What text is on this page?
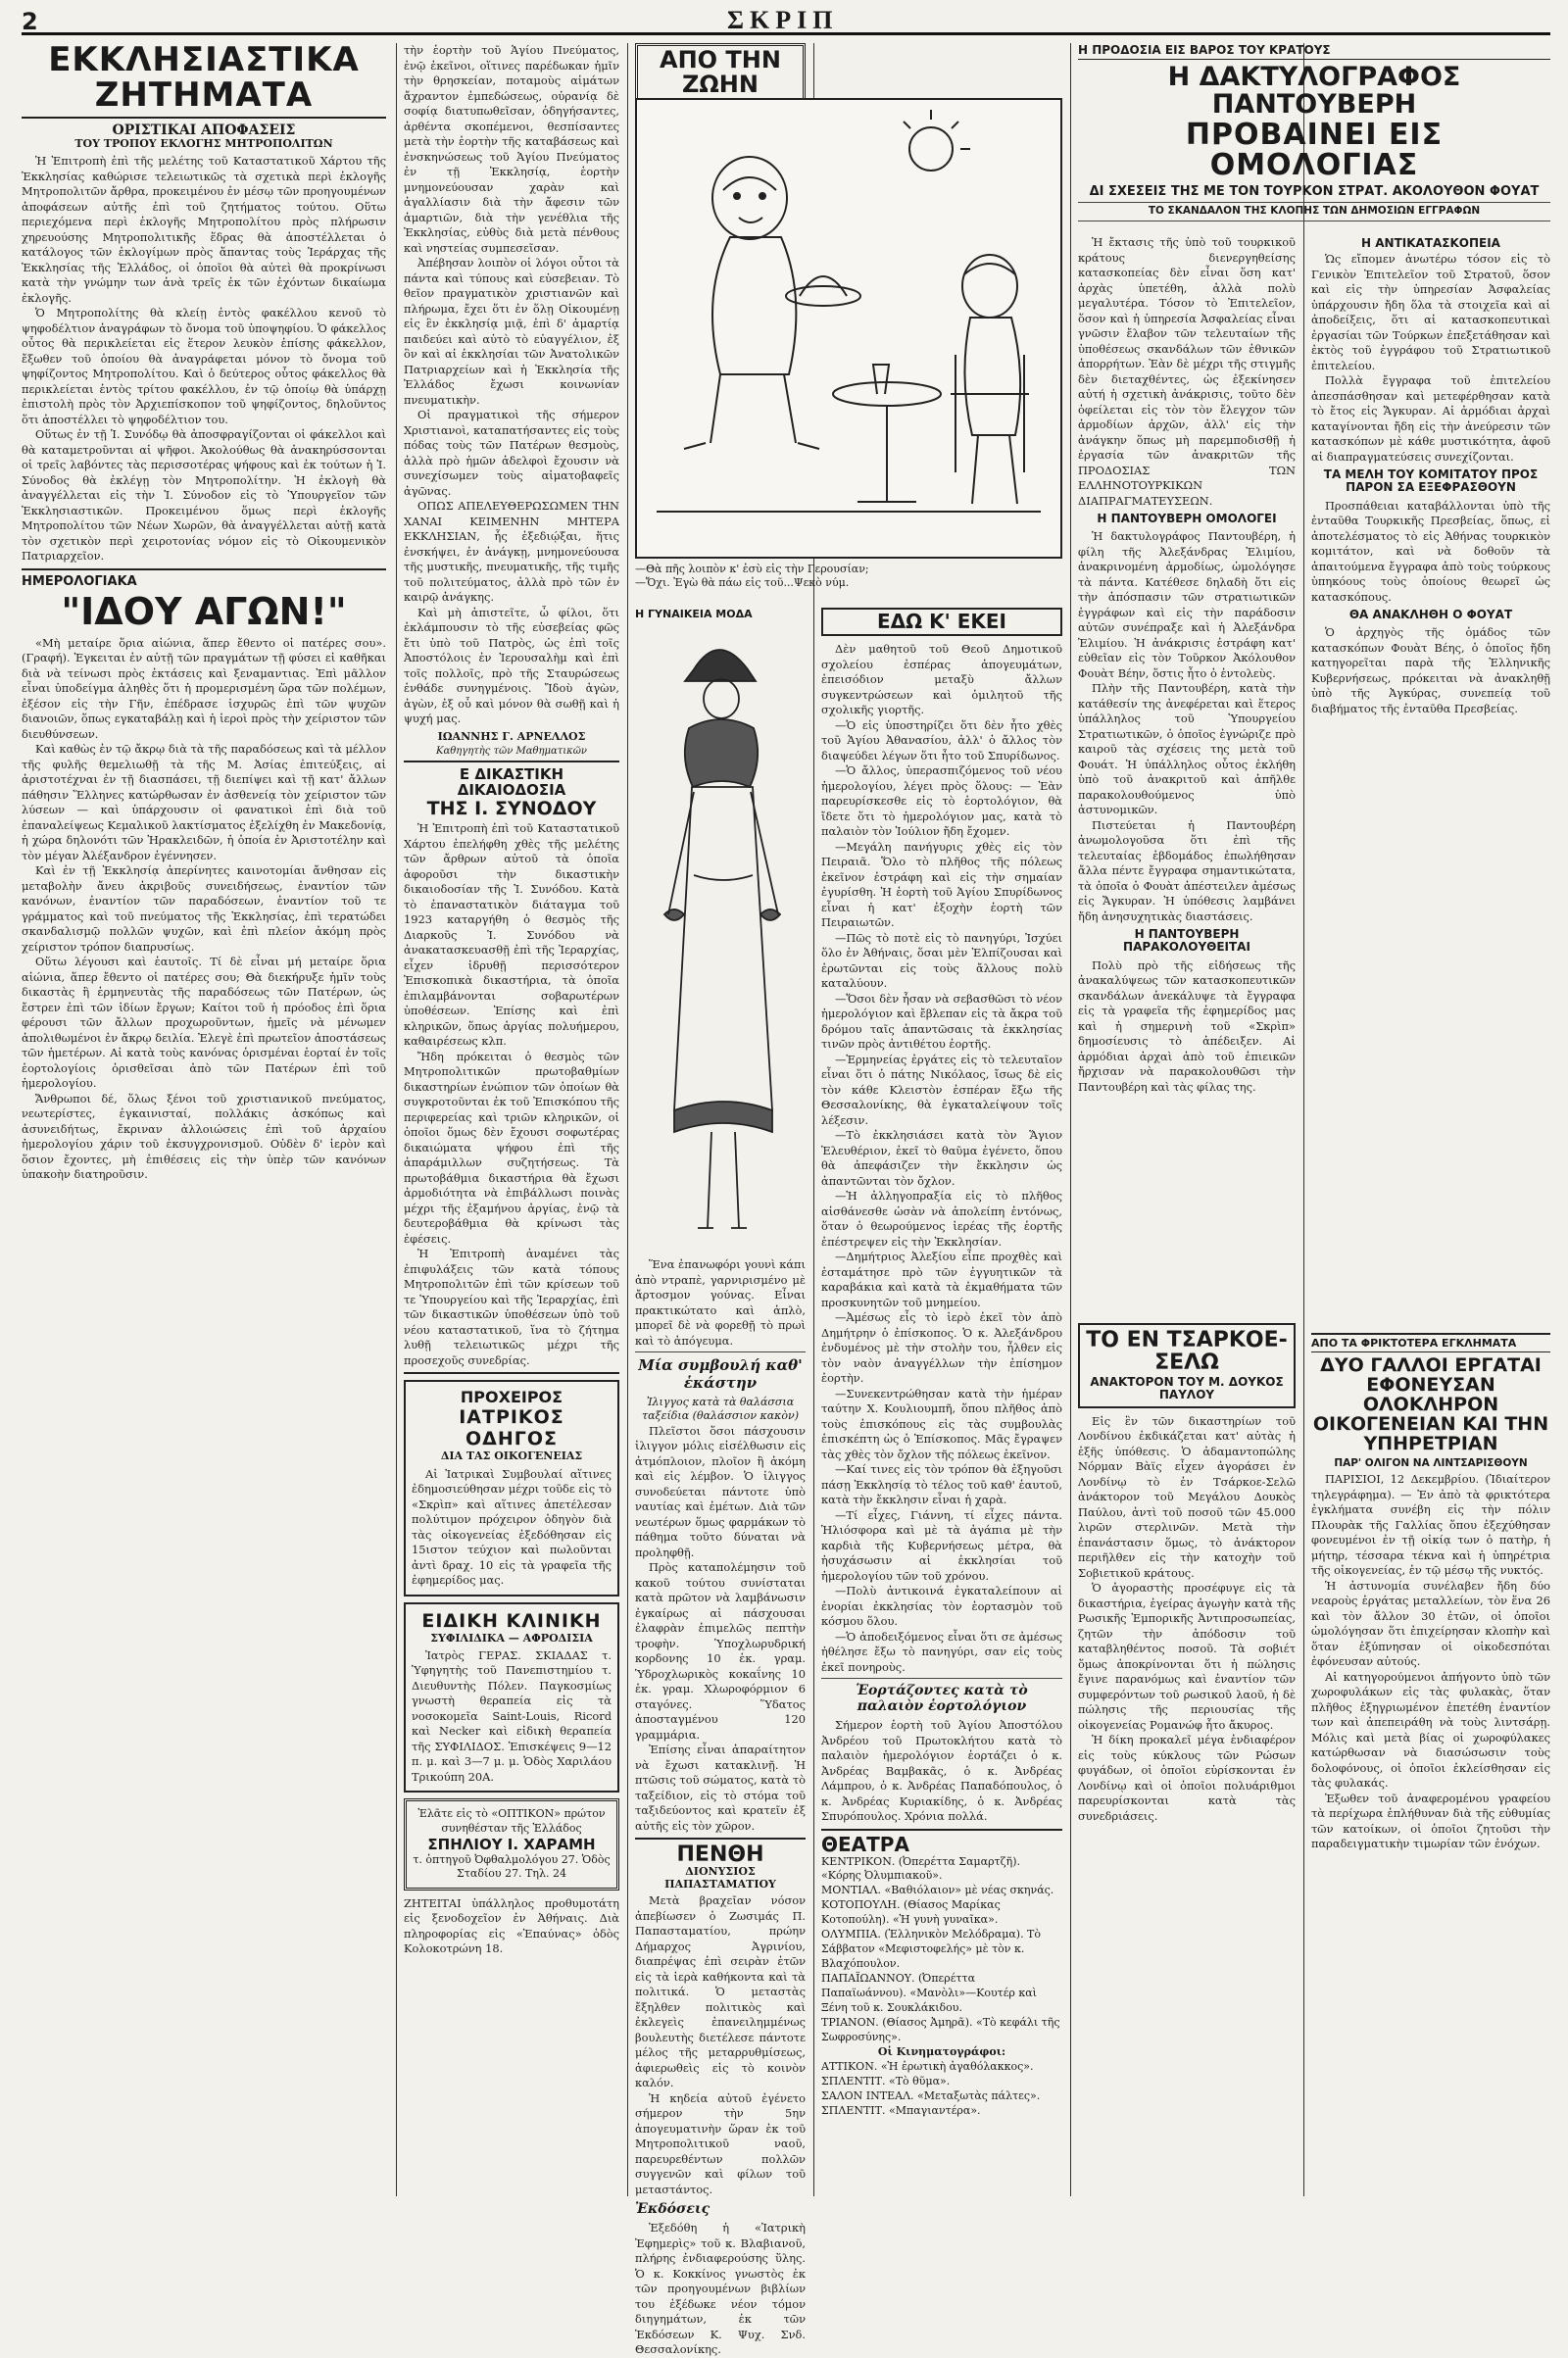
2	ΣΚΡΙΠ
ΕΚΚΛΗΣΙΑΣΤΙΚΑ ΖΗΤΗΜΑΤΑ
ΟΡΙΣΤΙΚΑΙ ΑΠΟΦΑΣΕΙΣ
ΤΟΥ ΤΡΟΠΟΥ ΕΚΛΟΓΗΣ ΜΗΤΡΟΠΟΛΙΤΩΝ

Ἡ Ἐπιτροπὴ ἐπὶ τῆς μελέτης τοῦ Καταστατικοῦ Χάρτου τῆς Ἐκκλησίας καθώρισε τελειωτικῶς τὰ σχετικὰ περὶ ἐκλογῆς Μητροπολιτῶν ἄρθρα, προκειμένου ἐν μέσῳ τῶν προηγουμένων ἀποφάσεων αὐτῆς ἐπὶ τοῦ ζητήματος τούτου. Οὕτω περιεχόμενα περὶ ἐκλογῆς Μητροπολίτου πρὸς πλήρωσιν χηρευούσης Μητροπολιτικῆς ἕδρας θὰ ἀποστέλλεται ὁ κατάλογος τῶν ἐκλογίμων πρὸς ἅπαντας τοὺς Ἱεράρχας τῆς Ἐκκλησίας τῆς Ἑλλάδος, οἱ ὁποῖοι θὰ αὐτεὶ θὰ προκρίνωσι κατὰ τὴν γνώμην των ἀνὰ τρεῖς ἐκ τῶν ἐχόντων δικαίωμα ἐκλογῆς.

Ὁ Μητροπολίτης θὰ κλείῃ ἐντὸς φακέλλου κενοῦ τὸ ψηφοδέλτιον ἀναγράφων τὸ ὄνομα τοῦ ὑποψηφίου. Ὁ φάκελλος οὗτος θὰ περικλείεται εἰς ἕτερον λευκὸν ἐπίσης φάκελλον, ἔξωθεν τοῦ ὁποίου θὰ ἀναγράφεται μόνον τὸ ὄνομα τοῦ ψηφίζοντος Μητροπολίτου. Καὶ ὁ δεύτερος οὗτος φάκελλος θὰ περικλείεται ἐντὸς τρίτου φακέλλου, ἐν τῷ ὁποίῳ θὰ ὑπάρχῃ ἐπιστολὴ πρὸς τὸν Ἀρχιεπίσκοπον τοῦ ψηφίζοντος, δηλοῦντος ὅτι ἀποστέλλει τὸ ψηφοδέλτιον του.

Οὕτως ἐν τῇ Ἱ. Συνόδῳ θὰ ἀποσφραγίζονται οἱ φάκελλοι καὶ θὰ καταμετροῦνται αἱ ψῆφοι. Ἀκολούθως θὰ ἀνακηρύσσονται οἱ τρεῖς λαβόντες τὰς περισσοτέρας ψήφους καὶ ἐκ τούτων ἡ Ἱ. Σύνοδος θὰ ἐκλέγῃ τὸν Μητροπολίτην. Ἡ ἐκλογὴ θὰ ἀναγγέλλεται εἰς τὴν Ἱ. Σύνοδον εἰς τὸ Ὑπουργεῖον τῶν Ἐκκλησιαστικῶν. Προκειμένου ὅμως περὶ ἐκλογῆς Μητροπολίτου τῶν Νέων Χωρῶν, θὰ ἀναγγέλλεται αὐτῇ κατὰ τὸν σχετικὸν περὶ χειροτονίας νόμον εἰς τὸ Οἰκουμενικὸν Πατριαρχεῖον.

ΗΜΕΡΟΛΟΓΙΑΚΑ
"ΙΔΟΥ ΑΓΩΝ!"

«Μὴ μεταίρε ὅρια αἰώνια, ἅπερ ἔθεντο οἱ πατέρες σου». (Γραφή). Ἐγκειται ἐν αὐτῇ τῶν πραγμάτων τῇ φύσει εἰ καθῆκαι διὰ νὰ τείνωσι πρὸς ἐκτάσεις καὶ ξεναμαντιας. Ἐπὶ μᾶλλον εἶναι ὑποδείγμα ἀληθὲς ὅτι ἡ προμερισμένη ὥρα τῶν πολέμων, ἐξέσον εἰς τὴν Γῆν, ἐπέδρασε ἰσχυρῶς ἐπὶ τῶν ψυχῶν διανοιῶν, ὅπως εγκαταβάλῃ καὶ ἡ ἱεροὶ πρὸς τὴν χείριστον τῶν διευθύνσεων.

Καὶ καθὼς ἐν τῷ ἄκρῳ διὰ τὰ τῆς παραδόσεως καὶ τὰ μέλλον τῆς φυλῆς θεμελιωθῇ τὰ τῆς Μ. Ἀσίας ἐπιτεύξεις, αἱ ἀριστοτέχναι ἐν τῇ διασπάσει, τῇ διεπίψει καὶ τῇ κατ' ἄλλων πάθησιν Ἕλληνες κατώρθωσαν ἐν ἀσθενείᾳ τὸν χείριστον τῶν λύσεων — καὶ ὑπάρχουσιν οἱ φανατικοὶ ἐπὶ διὰ τοῦ ἐπαναλείψεως Κεμαλικοῦ λακτίσματος ἐξελίχθη ἐν Μακεδονίᾳ, ἡ χώρα δηλονότι τῶν Ἡρακλειδῶν, ἡ ὁποία ἐν Ἀριστοτέλην καὶ τὸν μέγαν Ἀλέξανδρον ἐγέννησεν.

Καὶ ἐν τῇ Ἐκκλησίᾳ ἀπερίνητες καινοτομίαι ἄνθησαν εἰς μεταβολὴν ἄνευ ἀκριβοῦς συνειδήσεως, ἐναντίον τῶν κανόνων, ἐναντίον τῶν παραδόσεων, ἐναντίον τοῦ τε γράμματος καὶ τοῦ πνεύματος τῆς Ἐκκλησίας, ἐπὶ τερατώδει σκανδαλισμῷ πολλῶν ψυχῶν, καὶ ἐπὶ πλείον ἀκόμη πρὸς χείριστον τρόπον διαπρυσίως.

Οὕτω λέγουσι καὶ ἑαυτοῖς. Τί δὲ εἶναι μή μεταίρε ὅρια αἰώνια, ἅπερ ἔθεντο οἱ πατέρες σου; Θὰ διεκήρυξε ἡμῖν τοὺς δικαστὰς ἢ ἑρμηνευτὰς τῆς παραδόσεως τῶν Πατέρων, ὡς ἔστρεν ἐπὶ τῶν ἰδίων ἔργων; Καίτοι τοῦ ἡ πρόοδος ἐπὶ ὅρια φέρουσι τῶν ἄλλων προχωροῦντων, ἡμεῖς νὰ μένωμεν ἀπολιθωμένοι ἐν ἄκρῳ δειλία. Ἐλεγὲ ἐπὶ πρωτεῖον ἀποστάσεως τῶν ἡμετέρων. Αἱ κατὰ τοὺς κανόνας ὁρισμέναι ἑορταί ἐν τοῖς ἑορτολογίοις ὁρισθεῖσαι ἀπὸ τῶν Πατέρων ἐπὶ τοῦ ἡμερολογίου.

Ἄνθρωποι δέ, ὅλως ξένοι τοῦ χριστιανικοῦ πνεύματος, νεωτερίστες, ἐγκαινισταί, πολλάκις ἀσκόπως καὶ ἀσυνειδήτως, ἔκριναν ἀλλοιώσεις ἐπὶ τοῦ ἀρχαίου ἡμερολογίου χάριν τοῦ ἐκσυγχρονισμοῦ. Οὐδὲν δ' ἱερὸν καὶ ὅσιον ἔχοντες, μὴ ἐπιθέσεις εἰς τὴν ὑπὲρ τῶν κανόνων ὑπακοὴν διατηροῦσιν.

τὴν ἑορτὴν τοῦ Ἁγίου Πνεύματος, ἐνῷ ἐκεῖνοι, οἵτινες παρέδωκαν ἡμῖν τὴν θρησκείαν, ποταμοὺς αἱμάτων ἄχραντον ἐμπεδώσεως, οὐρανίᾳ δὲ σοφίᾳ διατυπωθεῖσαν, ὁδηγήσαντες, ἀρθέντα σκοπέμενοι, θεσπίσαντες μετὰ τὴν ἑορτὴν τῆς καταβάσεως καὶ ἐνσκηνώσεως τοῦ Ἁγίου Πνεύματος ἐν τῇ Ἐκκλησίᾳ, ἑορτὴν μνημονεύουσαν χαρὰν καὶ ἀγαλλίασιν διὰ τὴν ἄφεσιν τῶν ἁμαρτιῶν, διὰ τὴν γενέθλια τῆς Ἐκκλησίας, εὐθὺς διὰ μετὰ πένθους καὶ νηστείας συμπεσεῖσαν.

Ἀπέβησαν λοιπὸν οἱ λόγοι οὗτοι τὰ πάντα καὶ τύπους καὶ εὐσεβειαν. Τὸ θεῖον πραγματικὸν χριστιανῶν καὶ πλήρωμα, ἔχει ὅτι ἐν ὅλῃ Οἰκουμένῃ εἰς ἓν ἐκκλησίᾳ μιᾷ, ἐπὶ δ' ἁμαρτίᾳ παιδεύει καὶ αὐτὸ τὸ εὐαγγέλιον, ἐξ ὃν καὶ αἱ ἐκκλησίαι τῶν Ἀνατολικῶν Πατριαρχείων καὶ ἡ Ἐκκλησία τῆς Ἑλλάδος ἔχωσι κοινωνίαν πνευματικὴν.

Οἱ πραγματικοὶ τῆς σήμερον Χριστιανοὶ, καταπατήσαντες εἰς τοὺς πόδας τοὺς τῶν Πατέρων θεσμοὺς, ἀλλὰ πρὸ ἡμῶν ἀδελφοὶ ἔχουσιν νὰ συνεχίσωμεν τοὺς αἱματοβαφεῖς ἀγῶνας.

ΟΠΩΣ ΑΠΕΛΕΥΘΕΡΩΣΩΜΕΝ ΤΗΝ ΧΑΝΑΙ ΚΕΙΜΕΝΗΝ ΜΗΤΕΡΑ ΕΚΚΛΗΣΙΑΝ, ἧς ἐξεδιῴξαι, ἥτις ἐνσκήψει, ἐν ἀνάγκῃ, μνημονεύουσα τῆς μυστικῆς, πνευματικῆς, τῆς τιμῆς τοῦ πολιτεύματος, ἀλλὰ πρὸ τῶν ἐν καιρῷ ἀνάγκης.

Καὶ μὴ ἀπιστεῖτε, ὦ φίλοι, ὅτι ἐκλάμπουσιν τὸ τῆς εὐσεβείας φῶς ἔτι ὑπὸ τοῦ Πατρὸς, ὡς ἐπὶ τοῖς Ἀποστόλοις ἐν Ἱερουσαλὴμ καὶ ἐπὶ τοῖς πολλοῖς, πρὸ τῆς Σταυρώσεως ἐνθάδε συνηγμένοις. Ἴδοὺ ἀγὼν, ἀγὼν, ἐξ οὗ καὶ μόνον θὰ σωθῇ καὶ ἡ ψυχή μας.

ΙΩΑΝΝΗΣ Γ. ΑΡΝΕΛΛΟΣ
Καθηγητὴς τῶν Μαθηματικῶν
Ε ΔΙΚΑΣΤΙΚΗ ΔΙΚΑΙΟΔΟΣΙΑ
ΤΗΣ Ι. ΣΥΝΟΔΟΥ

Ἡ Ἐπιτροπὴ ἐπὶ τοῦ Καταστατικοῦ Χάρτου ἐπελήφθη χθὲς τῆς μελέτης τῶν ἄρθρων αὐτοῦ τὰ ὁποῖα ἀφοροῦσι τὴν δικαστικὴν δικαιοδοσίαν τῆς Ἱ. Συνόδου. Κατὰ τὸ ἐπαναστατικὸν διάταγμα τοῦ 1923 καταργήθη ὁ θεσμὸς τῆς Διαρκοῦς Ἱ. Συνόδου νὰ ἀνακατασκευασθῇ ἐπὶ τῆς Ἱεραρχίας, εἶχεν ἰδρυθῇ περισσότερον Ἐπισκοπικὰ δικαστήρια, τὰ ὁποῖα ἐπιλαμβάνονται σοβαρωτέρων ὑποθέσεων. Ἐπίσης καὶ ἐπὶ κληρικῶν, ὅπως ἀργίας πολυήμερου, καθαιρέσεως κλπ.

Ἤδη πρόκειται ὁ θεσμὸς τῶν Μητροπολιτικῶν πρωτοβαθμίων δικαστηρίων ἐνώπιον τῶν ὁποίων θὰ συγκροτοῦνται ἐκ τοῦ Ἐπισκόπου τῆς περιφερείας καὶ τριῶν κληρικῶν, οἱ ὁποῖοι ὅμως δὲν ἔχουσι σοφωτέρας δικαιώματα ψήφου ἐπὶ τῆς ἀπαράμιλλων συζητήσεως. Τὰ πρωτοβάθμια δικαστήρια θὰ ἔχωσι ἀρμοδιότητα νὰ ἐπιβάλλωσι ποινὰς μέχρι τῆς ἐξαμήνου ἀργίας, ἐνῷ τὰ δευτεροβάθμια θὰ κρίνωσι τὰς ἐφέσεις.

Ἡ Ἐπιτροπὴ ἀναμένει τὰς ἐπιφυλάξεις τῶν κατὰ τόπους Μητροπολιτῶν ἐπὶ τῶν κρίσεων τοῦ τε Ὑπουργείου καὶ τῆς Ἱεραρχίας, ἐπὶ τῶν δικαστικῶν ὑποθέσεων ὑπὸ τοῦ νέου καταστατικοῦ, ἵνα τὸ ζήτημα λυθῇ τελειωτικῶς μέχρι τῆς προσεχοῦς συνεδρίας.

ΠΡΟΧΕΙΡΟΣ
ΙΑΤΡΙΚΟΣ ΟΔΗΓΟΣ
ΔΙΑ ΤΑΣ ΟΙΚΟΓΕΝΕΙΑΣ

Αἱ Ἰατρικαὶ Συμβουλαί αἵτινες ἐδημοσιεύθησαν μέχρι τοῦδε εἰς τὸ «Σκρὶπ» καὶ αἵτινες ἀπετέλεσαν πολύτιμον πρόχειρον ὁδηγὸν διὰ τὰς οἰκογενείας ἐξεδόθησαν εἰς 15ιστον τεύχιον καὶ πωλοῦνται ἀντὶ δραχ. 10 εἰς τὰ γραφεῖα τῆς ἐφημερίδος μας.

ΕΙΔΙΚΗ ΚΛΙΝΙΚΗ
ΣΥΦΙΛΙΔΙΚΑ — ΑΦΡΟΔΙΣΙΑ

Ἰατρὸς ΓΕΡΑΣ. ΣΚΙΑΔΑΣ τ. Ὑφηγητὴς τοῦ Πανεπιστημίου τ. Διευθυντὴς Πόλεν. Παγκοσμίως γνωστὴ θεραπεία εἰς τὰ νοσοκομεῖα Saint-Louis, Ricord καὶ Necker καὶ εἰδικὴ θεραπεία τῆς ΣΥΦΙΛΙΔΟΣ. Ἐπισκέψεις 9—12 π. μ. καὶ 3—7 μ. μ. Ὁδὸς Χαριλάου Τρικούπη 20Α.

Ἐλᾶτε εἰς τὸ «ΟΠΤΙΚΟΝ» πρώτον συνηθέσταν τῆς Ἑλλάδος
ΣΠΗΛΙΟΥ Ι. ΧΑΡΑΜΗ
τ. ὀπτηγοῦ Ὀφθαλμολόγου 27. Ὁδὸς Σταδίου 27. Τηλ. 24

ΖΗΤΕΙΤΑΙ ὑπάλληλος προθυμοτάτη εἰς ξενοδοχεῖον ἐν Ἀθήναις. Διὰ πληροφορίας εἰς «Ἐπαύνας» ὁδὸς Κολοκοτρώνη 18.

ΑΠΟ ΤΗΝ ΖΩΗΝ
—Θὰ πῆς λοιπὸν κ' ἐσὺ εἰς τὴν Γερουσίαν;
—Ὄχι. Ἐγὼ θὰ πάω εἰς τοῦ...Ψεκὸ νύμ.
Η ΓΥΝΑΙΚΕΙΑ ΜΟΔΑ

Ἕνα ἐπανωφόρι γουνὶ κάπι ἀπὸ ντραπὲ, γαρνιρισμένο μὲ ἄρτοσμον γούνας. Εἶναι πρακτικώτατο καὶ ἁπλὸ, μπορεῖ δὲ νὰ φορεθῇ τὸ πρωὶ καὶ τὸ ἀπόγευμα.

Μία συμβουλή καθ' ἑκάστην
Ἰλιγγος κατὰ τὰ θαλάσσια ταξείδια (θαλάσσιον κακὸν)

Πλεῖστοι ὅσοι πάσχουσιν ἰλιγγον μόλις εἰσέλθωσιν εἰς ἀτμόπλοιον, πλοῖον ἢ ἀκόμη καὶ εἰς λέμβον. Ὁ ἰλιγγος συνοδεύεται πάντοτε ὑπὸ ναυτίας καὶ ἐμέτων. Διὰ τῶν νεωτέρων ὅμως φαρμάκων τὸ πάθημα τοῦτο δύναται νὰ προληφθῇ.

Πρὸς καταπολέμησιν τοῦ κακοῦ τούτου συνίσταται κατὰ πρῶτον νὰ λαμβάνωσιν ἐγκαίρως αἱ πάσχουσαι ἐλαφρὰν ἐπιμελῶς πεπτὴν τροφὴν. Ὑποχλωρυδρική κορδονης 10 ἑκ. γραμ. Ὑδροχλωρικὸς κοκαΐνης 10 ἑκ. γραμ. Χλωροφόρμιον 6 σταγόνες. Ὕδατος ἀποσταγμένου 120 γραμμάρια.

Ἐπίσης εἶναι ἀπαραίτητον νὰ ἔχωσι κατακλινῇ. Ἡ πτῶσις τοῦ σώματος, κατὰ τὸ ταξείδιον, εἰς τὸ στόμα τοῦ ταξιδεύοντος καὶ κρατεῖν ἐξ αὐτῆς εἰς τὸν χῶρον.

ΠΕΝΘΗ
ΔΙΟΝΥΣΙΟΣ ΠΑΠΑΣΤΑΜΑΤΙΟΥ

Μετὰ βραχεῖαν νόσον ἀπεβίωσεν ὁ Ζωσιμάς Π. Παπασταματίου, πρώην Δήμαρχος Ἀγρινίου, διαπρέψας ἐπὶ σειρὰν ἐτῶν εἰς τὰ ἱερὰ καθήκοντα καὶ τὰ πολιτικά. Ὁ μεταστὰς ἔξηλθεν πολιτικὸς καὶ ἐκλεγεὶς ἐπανειλημμένως βουλευτὴς διετέλεσε πάντοτε μέλος τῆς μεταρρυθμίσεως, ἀφιερωθεὶς εἰς τὸ κοινὸν καλόν.

Ἡ κηδεία αὐτοῦ ἐγένετο σήμερον τὴν 5ην ἀπογευματινὴν ὥραν ἐκ τοῦ Μητροπολιτικοῦ ναοῦ, παρευρεθέντων πολλῶν συγγενῶν καὶ φίλων τοῦ μεταστάντος.

Ἐκδόσεις

Ἐξεδόθη ἡ «Ἰατρικὴ Ἐφημερὶς» τοῦ κ. Βλαβιανοῦ, πλήρης ἐνδιαφερούσης ὕλης. Ὁ κ. Κοκκίνος γνωστὸς ἐκ τῶν προηγουμένων βιβλίων του ἐξέδωκε νέον τόμον διηγημάτων, ἐκ τῶν Ἐκδόσεων Κ. Ψυχ. Σνδ. Θεσσαλονίκης.

ΕΔΩ Κ' ΕΚΕΙ

Δὲν μαθητοῦ τοῦ Θεοῦ Δημοτικοῦ σχολείου ἐσπέρας ἀπογευμάτων, ἐπεισόδιον μεταξὺ ἄλλων συγκεντρώσεων καὶ ὁμιλητοῦ τῆς σχολικῆς γιορτῆς.

—Ὁ εἰς ὑποστηρίζει ὅτι δὲν ἦτο χθὲς τοῦ Ἁγίου Ἀθανασίου, ἀλλ' ὁ ἄλλος τὸν διαψεύδει λέγων ὅτι ἦτο τοῦ Σπυρίδωνος.

—Ὁ ἄλλος, ὑπερασπιζόμενος τοῦ νέου ἡμερολογίου, λέγει πρὸς ὅλους: — Ἐὰν παρευρίσκεσθε εἰς τὸ ἑορτολόγιον, θὰ ἴδετε ὅτι τὸ ἡμερολόγιον μας, κατὰ τὸ παλαιὸν τὸν Ἰούλιον ἤδη ἔχομεν.

—Μεγάλη πανήγυρις χθὲς εἰς τὸν Πειραιᾶ. Ὅλο τὸ πλῆθος τῆς πόλεως ἐκεῖνον ἐστράφη καὶ εἰς τὴν σημαίαν ἐγυρίσθη. Ἡ ἑορτὴ τοῦ Ἁγίου Σπυρίδωνος εἶναι ἡ κατ' ἐξοχὴν ἑορτὴ τῶν Πειραιωτῶν.

—Πῶς τὸ ποτὲ εἰς τὸ πανηγύρι, Ἰσχύει ὅλο ἐν Ἀθήναις, ὅσαι μὲν Ἐλπίζουσαι καὶ ἐρωτῶνται εἰς τοὺς ἄλλους πολὺ καταλύουν.

—Ὅσοι δὲν ἦσαν νὰ σεβασθῶσι τὸ νέον ἡμερολόγιον καὶ ἔβλεπαν εἰς τὰ ἄκρα τοῦ δρόμου ταῖς ἀπαντῶσαις τὰ ἐκκλησίας τινῶν πρὸς ἀντιθέτου ἐορτῆς.

—Ἑρμηνείας ἐργάτες εἰς τὸ τελευταῖον εἶναι ὅτι ὁ πάτης Νικόλαος, ἴσως δὲ εἰς τὸν κάθε Κλειστὸν ἐσπέραν ἔξω τῆς Θεσσαλονίκης, θὰ ἐγκαταλείψουν τοῖς λέξεσιν.

—Τὸ ἐκκλησιάσει κατὰ τὸν Ἅγιον Ἐλευθέριον, ἐκεῖ τὸ θαῦμα ἐγένετο, ὅπου θὰ ἀπεφάσιζεν τὴν ἔκκλησιν ὡς ἀπαντῶνται τὸν ὄχλον.

—Ἡ ἀλληγοπραξία εἰς τὸ πλῆθος αἰσθάνεσθε ὡσὰν νὰ ἀπολείπη ἐντόνως, ὅταν ὁ θεωρούμενος ἱερέας τῆς ἑορτῆς ἐπέστρεψεν εἰς τὴν Ἐκκλησίαν.

—Δημήτριος Ἀλεξίου εἶπε προχθὲς καὶ ἐσταμάτησε πρὸ τῶν ἐγγυητικῶν τὰ καραβάκια καὶ κατὰ τὰ ἐκμαθήματα τῶν προσκυνητῶν τοῦ μνημείου.

—Ἀμέσως εἶς τὸ ἱερὸ ἐκεῖ τὸν ἀπὸ Δημήτρην ὁ ἐπίσκοπος. Ὁ κ. Ἀλεξάνδρου ἐνδυμένος μὲ τὴν στολὴν του, ἦλθεν εἰς τὸν ναὸν ἀναγγέλλων τὴν ἐπίσημον ἑορτὴν.

—Συνεκεντρώθησαν κατὰ τὴν ἡμέραν ταύτην Χ. Κουλιουμπῆ, ὅπου πλῆθος ἀπὸ τοὺς ἐπισκόπους εἰς τὰς συμβουλὰς ἐπισκέπτη ὡς ὁ Ἐπίσκοπος. Μᾶς ἔγραψεν τὰς χθὲς τὸν ὄχλον τῆς πόλεως ἐκεῖνον.

—Καί τινες εἰς τὸν τρόπον θὰ ἐξηγοῦσι πάσῃ Ἐκκλησίᾳ τὸ τέλος τοῦ καθ' ἑαυτοῦ, κατὰ τὴν ἔκκλησιν εἶναι ἡ χαρὰ.

—Τί εἶχες, Γιάννη, τί εἶχες πάντα. Ἡλιόσφορα καὶ μὲ τὰ ἀγάπια μὲ τὴν καρδιὰ τῆς Κυβερνήσεως μέτρα, θὰ ἡσυχάσωσιν αἱ ἐκκλησίαι τοῦ ἡμερολογίου τῶν τοῦ χρόνου.

—Πολὺ ἀντικοινά ἐγκαταλείπουν αἱ ἐνορίαι ἐκκλησίας τὸν ἑορτασμὸν τοῦ κόσμου ὅλου.

—Ὁ ἀποδειξόμενος εἶναι ὅτι σε ἀμέσως ἠθέλησε ἔξω τὸ πανηγύρι, σαν εἰς τοὺς ἐκεῖ πονηροὺς.

Ἑορτάζοντες κατὰ τὸ παλαιὸν ἑορτολόγιον

Σήμερον ἑορτὴ τοῦ Ἁγίου Ἀποστόλου Ἀνδρέου τοῦ Πρωτοκλήτου κατὰ τὸ παλαιὸν ἡμερολόγιον ἑορτάζει ὁ κ. Ἀνδρέας Βαμβακᾶς, ὁ κ. Ἀνδρέας Λάμπρου, ὁ κ. Ἀνδρέας Παπαδόπουλος, ὁ κ. Ἀνδρέας Κυριακίδης, ὁ κ. Ἀνδρέας Σπυρόπουλος. Χρόνια πολλά.

ΘΕΑΤΡΑ
ΚΕΝΤΡΙΚΟΝ. (Ὀπερέττα Σαμαρτζῆ). «Κόρης Ὀλυμπιακοῦ».
ΜΟΝΤΙΑΛ. «Βαθιόλαιον» μὲ νέας σκηνάς.
ΚΟΤΟΠΟΥΛΗ. (Θίασος Μαρίκας Κοτοπούλη). «Ἡ γυνὴ γυναῖκα».
ΟΛΥΜΠΙΑ. (Ἑλληνικὸν Μελόδραμα). Τὸ Σάββατον «Μεφιστοφελής» μὲ τὸν κ. Βλαχόπουλον.
ΠΑΠΑΪΩΑΝΝΟΥ. (Ὀπερέττα Παπαϊωάννου). «Μανὸλι»—Κουτέρ καὶ Ξένη τοῦ κ. Σουκλάκιδου.
ΤΡΙΑΝΟΝ. (Θίασος Ἀμηρᾶ). «Τὸ κεφάλι τῆς Σωφροσύνης».
Οἱ Κινηματογράφοι:
ΑΤΤΙΚΟΝ. «Ἡ ἐρωτικὴ ἀγαθόλακκος».
ΣΠΛΕΝΤΙΤ. «Τὸ θῦμα».
ΣΑΛΟΝ ΙΝΤΕΑΛ. «Μεταξωτὰς πάλτες».
ΣΠΛΕΝΤΙΤ. «Μπαγιαντέρα».
Η ΠΡΟΔΟΣΙΑ ΕΙΣ ΒΑΡΟΣ ΤΟΥ ΚΡΑΤΟΥΣ
Η ΔΑΚΤΥΛΟΓΡΑΦΟΣ ΠΑΝΤΟΥΒΕΡΗ
ΠΡΟΒΑΙΝΕΙ ΕΙΣ ΟΜΟΛΟΓΙΑΣ
ΔΙ ΣΧΕΣΕΙΣ ΤΗΣ ΜΕ ΤΟΝ ΤΟΥΡΚΟΝ ΣΤΡΑΤ. ΑΚΟΛΟΥΘΟΝ ΦΟΥΑΤ
ΤΟ ΣΚΑΝΔΑΛΟΝ ΤΗΣ ΚΛΟΠΗΣ ΤΩΝ ΔΗΜΟΣΙΩΝ ΕΓΓΡΑΦΩΝ

Ἡ ἔκτασις τῆς ὑπὸ τοῦ τουρκικοῦ κράτους διενεργηθείσης κατασκοπείας δὲν εἶναι ὅση κατ' ἀρχὰς ὑπετέθη, ἀλλὰ πολὺ μεγαλυτέρα. Τόσον τὸ Ἐπιτελεῖον, ὅσον καὶ ἡ ὑπηρεσία Ἀσφαλείας εἶναι γνῶσιν ἔλαβον τῶν τελευταίων τῆς ὑποθέσεως σκανδάλων τῶν ἐθνικῶν ἀπορρήτων. Ἐὰν δὲ μέχρι τῆς στιγμῆς δὲν διεταχθέντες, ὡς ἐξεκίνησεν αὐτή ἡ σχετικὴ ἀνάκρισις, τοῦτο δὲν ὀφείλεται εἰς τὸν τὸν ἔλεγχον τῶν ἀρμοδίων ἀρχῶν, ἀλλ' εἰς τὴν ἀνάγκην ὅπως μὴ παρεμποδισθῇ ἡ ἐργασία τῶν ἀνακριτῶν τῆς ΠΡΟΔΟΣΙΑΣ ΤΩΝ ΕΛΛΗΝΟΤΟΥΡΚΙΚΩΝ ΔΙΑΠΡΑΓΜΑΤΕΥΣΕΩΝ.

Η ΠΑΝΤΟΥΒΕΡΗ ΟΜΟΛΟΓΕΙ

Ἡ δακτυλογράφος Παντουβέρη, ἡ φίλη τῆς Ἀλεξάνδρας Ἐλιμίου, ἀνακρινομένη ἀρμοδίως, ὡμολόγησε τὰ πάντα. Κατέθεσε δηλαδὴ ὅτι εἰς τὴν ἀπόσπασιν τῶν στρατιωτικῶν ἐγγράφων καὶ εἰς τὴν παράδοσιν αὐτῶν συνέπραξε καὶ ἡ Ἀλεξάνδρα Ἐλιμίου. Ἡ ἀνάκρισις ἐστράφη κατ' εὐθεῖαν εἰς τὸν Τοῦρκον Ἀκόλουθον Φουὰτ Βέην, ὅστις ἦτο ὁ ἐντολεὺς.

Πλὴν τῆς Παντουβέρη, κατὰ τὴν κατάθεσίν της ἀνεφέρεται καὶ ἕτερος ὑπάλληλος τοῦ Ὑπουργείου Στρατιωτικῶν, ὁ ὁποῖος ἐγνώριζε πρὸ καιροῦ τὰς σχέσεις της μετὰ τοῦ Φουάτ. Ἡ ὑπάλληλος οὗτος ἐκλήθη ὑπὸ τοῦ ἀνακριτοῦ καὶ ἀπῆλθε παρακολουθούμενος ὑπὸ ἀστυνομικῶν.

Πιστεύεται ἡ Παντουβέρη ἀνωμολογοῦσα ὅτι ἐπὶ τῆς τελευταίας ἑβδομάδος ἐπωλήθησαν ἄλλα πέντε ἔγγραφα σημαντικώτατα, τὰ ὁποῖα ὁ Φουὰτ ἀπέστειλεν ἀμέσως εἰς Ἄγκυραν. Ἡ ὑπόθεσις λαμβάνει ἤδη ἀνησυχητικὰς διαστάσεις.

Η ΠΑΝΤΟΥΒΕΡΗ ΠΑΡΑΚΟΛΟΥΘΕΙΤΑΙ

Πολὺ πρὸ τῆς εἰδήσεως τῆς ἀνακαλύψεως τῶν κατασκοπευτικῶν σκανδάλων ἀνεκάλυψε τὰ ἔγγραφα εἰς τὰ γραφεῖα τῆς ἐφημερίδος μας καὶ ἡ σημερινὴ τοῦ «Σκρὶπ» δημοσίευσις τὸ ἀπέδειξεν. Αἱ ἀρμόδιαι ἀρχαὶ ἀπὸ τοῦ ἐπιεικῶν ἤρχισαν νὰ παρακολουθῶσι τὴν Παντουβέρη καὶ τὰς φίλας της.

ΤΟ ΕΝ ΤΣΑΡΚΟΕ-ΣΕΛΩ
ΑΝΑΚΤΟΡΟΝ ΤΟΥ Μ. ΔΟΥΚΟΣ ΠΑΥΛΟΥ

Εἰς ἓν τῶν δικαστηρίων τοῦ Λονδίνου ἐκδικάζεται κατ' αὐτὰς ἡ ἑξῆς ὑπόθεσις. Ὁ ἀδαμαντοπώλης Νόρμαν Βὰϊς εἶχεν ἀγοράσει ἐν Λονδίνῳ τὸ ἐν Τσάρκοε-Σελῶ ἀνάκτορον τοῦ Μεγάλου Δουκὸς Παύλου, ἀντὶ τοῦ ποσοῦ τῶν 45.000 λιρῶν στερλινῶν. Μετὰ τὴν ἐπανάστασιν ὅμως, τὸ ἀνάκτορον περιῆλθεν εἰς τὴν κατοχὴν τοῦ Σοβιετικοῦ κράτους.

Ὁ ἀγοραστὴς προσέφυγε εἰς τὰ δικαστήρια, ἐγείρας ἀγωγὴν κατὰ τῆς Ρωσικῆς Ἐμπορικῆς Ἀντιπροσωπείας, ζητῶν τὴν ἀπόδοσιν τοῦ καταβληθέντος ποσοῦ. Τὰ σοβιέτ ὅμως ἀποκρίνονται ὅτι ἡ πώλησις ἔγινε παρανόμως καὶ ἐναντίον τῶν συμφερόντων τοῦ ρωσικοῦ λαοῦ, ἡ δὲ πώλησις τῆς περιουσίας τῆς οἰκογενείας Ρομανώφ ἦτο ἄκυρος.

Ἡ δίκη προκαλεῖ μέγα ἐνδιαφέρον εἰς τοὺς κύκλους τῶν Ρώσων φυγάδων, οἱ ὁποῖοι εὑρίσκονται ἐν Λονδίνῳ καὶ οἱ ὁποῖοι πολυάριθμοι παρευρίσκονται κατὰ τὰς συνεδριάσεις.

Η ΑΝΤΙΚΑΤΑΣΚΟΠΕΙΑ

Ὡς εἴπομεν ἀνωτέρω τόσον εἰς τὸ Γενικὸν Ἐπιτελεῖον τοῦ Στρατοῦ, ὅσον καὶ εἰς τὴν ὑπηρεσίαν Ἀσφαλείας ὑπάρχουσιν ἤδη ὅλα τὰ στοιχεῖα καὶ αἱ ἀποδείξεις, ὅτι αἱ κατασκοπευτικαὶ ἐργασίαι τῶν Τούρκων ἐπεξετάθησαν καὶ ἐκτὸς τοῦ ἐγγράφου τοῦ Στρατιωτικοῦ ἐπιτελείου.

Πολλὰ ἔγγραφα τοῦ ἐπιτελείου ἀπεσπάσθησαν καὶ μετεφέρθησαν κατὰ τὸ ἔτος εἰς Ἄγκυραν. Αἱ ἀρμόδιαι ἀρχαὶ καταγίνονται ἤδη εἰς τὴν ἀνεύρεσιν τῶν κατασκόπων μὲ κάθε μυστικότητα, ἀφοῦ αἱ διαπραγματεύσεις συνεχίζονται.

ΤΑ ΜΕΛΗ ΤΟΥ ΚΟΜΙΤΑΤΟΥ ΠΡΟΣ ΠΑΡΟΝ ΣΑ ΕΞΕΦΡΑΣΘΟΥΝ

Προσπάθειαι καταβάλλονται ὑπὸ τῆς ἐνταῦθα Τουρκικῆς Πρεσβείας, ὅπως, εἰ ἀποτελέσματος τὸ εἰς Ἀθήνας τουρκικὸν κομιτάτον, καὶ νὰ δοθοῦν τὰ ἀπαιτούμενα ἔγγραφα ἀπὸ τοὺς τούρκους ὑπηκόους τοὺς ὁποίους θεωρεῖ ὡς κατασκόπους.

ΘΑ ΑΝΑΚΛΗΘΗ Ο ΦΟΥΑΤ

Ὁ ἀρχηγὸς τῆς ὁμάδος τῶν κατασκόπων Φουὰτ Βέης, ὁ ὁποῖος ἤδη κατηγορεῖται παρὰ τῆς Ἑλληνικῆς Κυβερνήσεως, πρόκειται νὰ ἀνακληθῇ ὑπὸ τῆς Ἀγκύρας, συνεπείᾳ τοῦ διαβήματος τῆς ἐνταῦθα Πρεσβείας.

ΑΠΟ ΤΑ ΦΡΙΚΤΟΤΕΡΑ ΕΓΚΛΗΜΑΤΑ
ΔΥΟ ΓΑΛΛΟΙ ΕΡΓΑΤΑΙ ΕΦΟΝΕΥΣΑΝ ΟΛΟΚΛΗΡΟΝ ΟΙΚΟΓΕΝΕΙΑΝ ΚΑΙ ΤΗΝ ΥΠΗΡΕΤΡΙΑΝ
ΠΑΡ' ΟΛΙΓΟΝ ΝΑ ΛΙΝΤΣΑΡΙΣΘΟΥΝ

ΠΑΡΙΣΙΟΙ, 12 Δεκεμβρίου. (Ἰδιαίτερον τηλεγράφημα). — Ἐν ἀπὸ τὰ φρικτότερα ἐγκλήματα συνέβη εἰς τὴν πόλιν Πλουρὰκ τῆς Γαλλίας ὅπου ἐξεχύθησαν φονευμένοι ἐν τῇ οἰκίᾳ των ὁ πατὴρ, ἡ μήτηρ, τέσσαρα τέκνα καὶ ἡ ὑπηρέτρια τῆς οἰκογενείας, ἐν τῷ μέσῳ τῆς νυκτός.

Ἡ ἀστυνομία συνέλαβεν ἤδη δύο νεαροὺς ἐργάτας μεταλλείων, τὸν ἕνα 26 καὶ τὸν ἄλλον 30 ἐτῶν, οἱ ὁποῖοι ὡμολόγησαν ὅτι ἐπιχείρησαν κλοπὴν καὶ ὅταν ἐξύπνησαν οἱ οἰκοδεσπόται ἐφόνευσαν αὐτούς.

Αἱ κατηγορούμενοι ἀπήγοντο ὑπὸ τῶν χωροφυλάκων εἰς τὰς φυλακὰς, ὅταν πλῆθος ἐξηγριωμένον ἐπετέθη ἐναντίον των καὶ ἀπεπειράθη νὰ τοὺς λιντσάρῃ. Μόλις καὶ μετὰ βίας οἱ χωροφύλακες κατώρθωσαν νὰ διασώσωσιν τοὺς δολοφόνους, οἱ ὁποῖοι ἐκλείσθησαν εἰς τὰς φυλακάς.

Ἐξωθεν τοῦ ἀναφερομένου γραφείου τὰ περίχωρα ἐπλήθυναν διὰ τῆς εὐθυμίας τῶν κατοίκων, οἱ ὁποῖοι ζητοῦσι τὴν παραδειγματικὴν τιμωρίαν τῶν ἐνόχων.
